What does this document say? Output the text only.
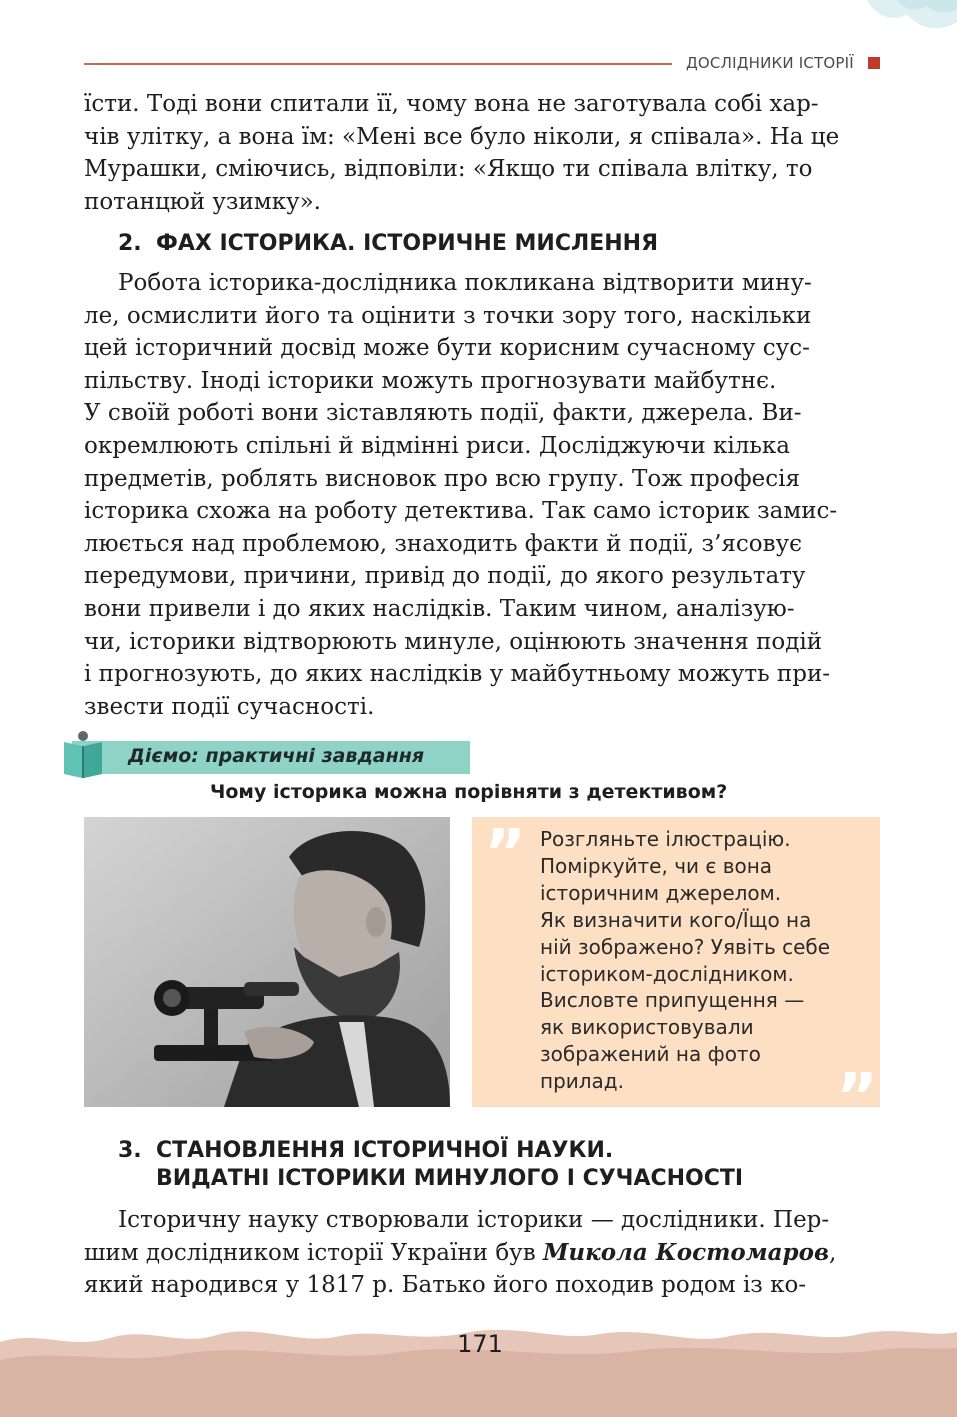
ДОСЛІДНИКИ ІСТОРІЇ
їсти. Тоді вони спитали її, чому вона не заготувала собі хар-
чів улітку, а вона їм: «Мені все було ніколи, я співала». На це
Мурашки, сміючись, відповіли: «Якщо ти співала влітку, то
потанцюй узимку».
2. ФАХ ІСТОРИКА. ІСТОРИЧНЕ МИСЛЕННЯ
Робота історика-дослідника покликана відтворити мину-
ле, осмислити його та оцінити з точки зору того, наскільки
цей історичний досвід може бути корисним сучасному сус-
пільству. Іноді історики можуть прогнозувати майбутнє.
У своїй роботі вони зіставляють події, факти, джерела. Ви-
окремлюють спільні й відмінні риси. Досліджуючи кілька
предметів, роблять висновок про всю групу. Тож професія
історика схожа на роботу детектива. Так само історик замис-
люється над проблемою, знаходить факти й події, з’ясовує
передумови, причини, привід до події, до якого результату
вони привели і до яких наслідків. Таким чином, аналізую-
чи, історики відтворюють минуле, оцінюють значення подій
і прогнозують, до яких наслідків у майбутньому можуть при-
звести події сучасності.
Діємо: практичні завдання
Чому історика можна порівняти з детективом?
”
”
Розгляньте ілюстрацію.
Поміркуйте, чи є вона
історичним джерелом.
Як визначити кого/Їщо на
ній зображено? Уявіть себе
істориком-дослідником.
Висловте припущення —
як використовували
зображений на фото
прилад.
3. СТАНОВЛЕННЯ ІСТОРИЧНОЇ НАУКИ.
ВИДАТНІ ІСТОРИКИ МИНУЛОГО І СУЧАСНОСТІ
Історичну науку створювали історики — дослідники. Пер-
шим дослідником історії України був Микола Костомаров,
який народився у 1817 р. Батько його походив родом із ко-
171
